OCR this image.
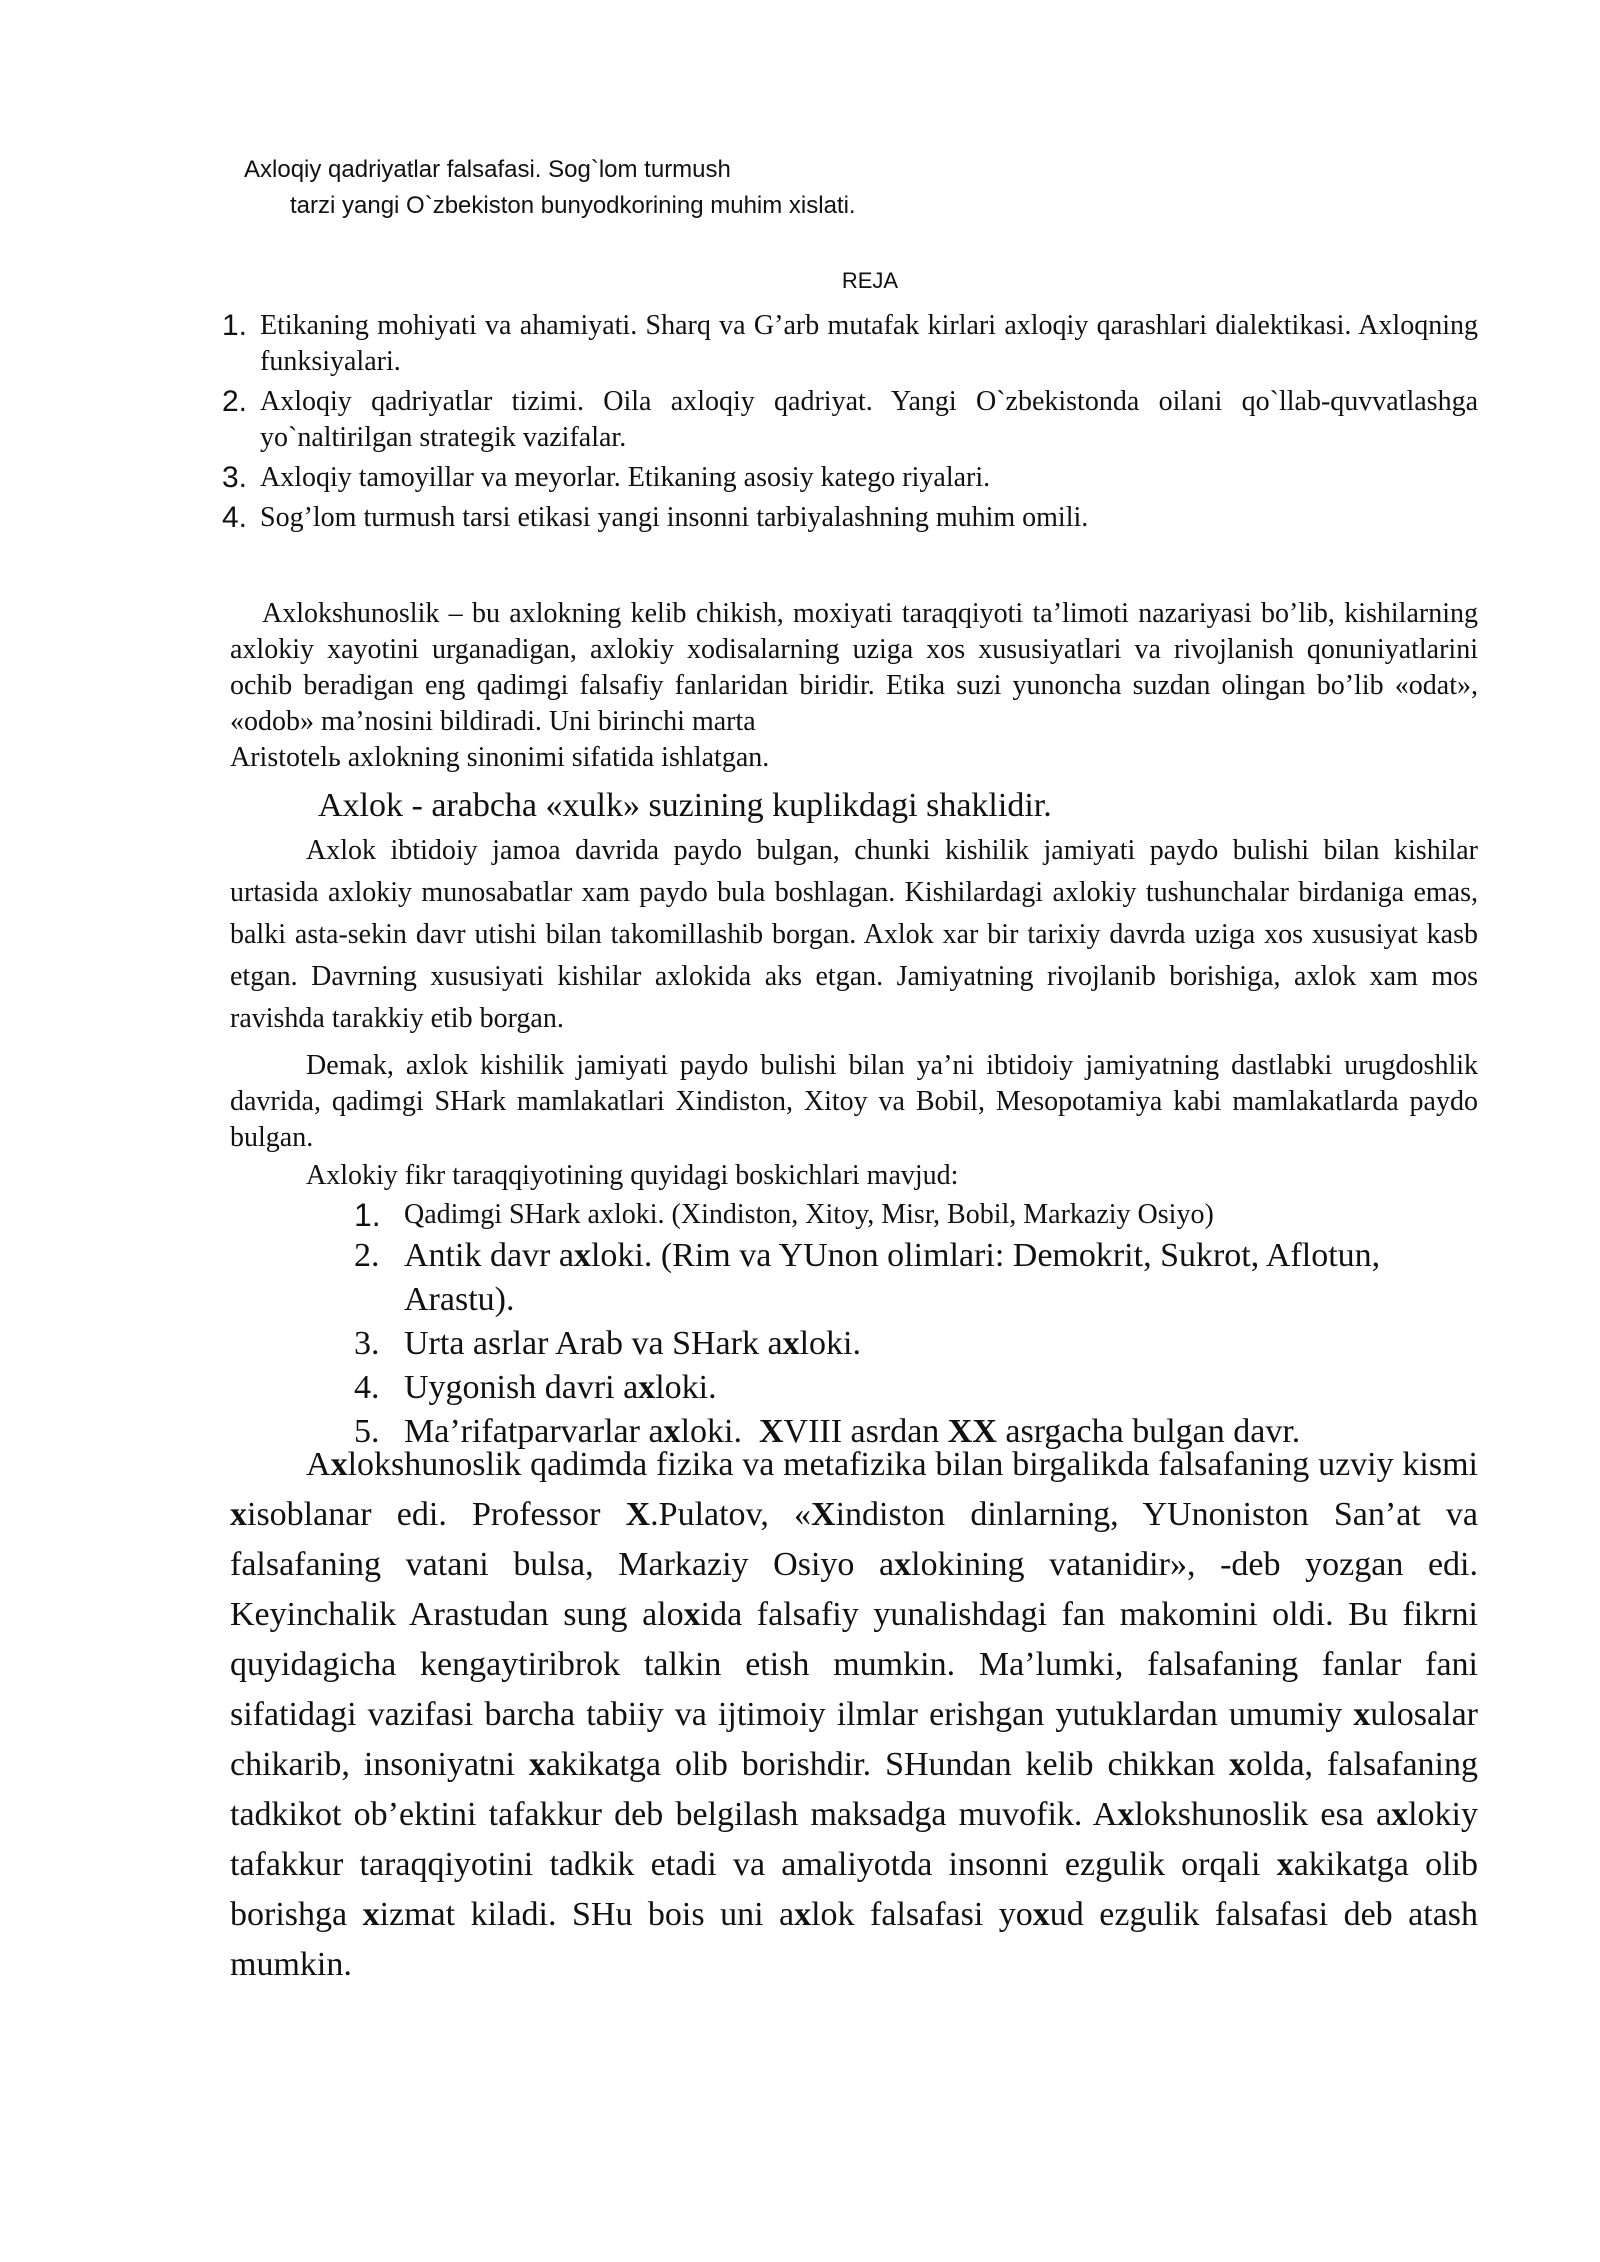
Axloqiy qadriyatlar falsafasi. Sog`lom turmush
tarzi yangi O`zbekiston bunyodkorining muhim xislati.
REJA
1. Etikaning mohiyati va ahamiyati. Sharq va G’arb mutafak kirlari axloqiy qarashlari dialektikasi. Axloqning funksiyalari.
2. Axloqiy qadriyatlar tizimi. Oila axloqiy qadriyat. Yangi O`zbekistonda oilani qo`llab-quvvatlashga yo`naltirilgan strategik vazifalar.
3. Axloqiy tamoyillar va meyorlar. Etikaning asosiy katego riyalari.
4. Sog’lom turmush tarsi etikasi yangi insonni tarbiyalashning muhim omili.
Axlokshunoslik – bu axlokning kelib chikish, moxiyati taraqqiyoti ta’limoti nazariyasi bo’lib, kishilarning axlokiy xayotini urganadigan, axlokiy xodisalarning uziga xos xususiyatlari va rivojlanish qonuniyatlarini ochib beradigan eng qadimgi falsafiy fanlaridan biridir. Etika suzi yunoncha suzdan olingan bo’lib «odat», «odob» ma’nosini bildiradi. Uni birinchi marta
Aristotelь axlokning sinonimi sifatida ishlatgan.
Axlok - arabcha «xulk» suzining kuplikdagi shaklidir.
Axlok ibtidoiy jamoa davrida paydo bulgan, chunki kishilik jamiyati paydo bulishi bilan kishilar urtasida axlokiy munosabatlar xam paydo bula boshlagan. Kishilardagi axlokiy tushunchalar birdaniga emas, balki asta-sekin davr utishi bilan takomillashib borgan. Axlok xar bir tarixiy davrda uziga xos xususiyat kasb etgan. Davrning xususiyati kishilar axlokida aks etgan. Jamiyatning rivojlanib borishiga, axlok xam mos ravishda tarakkiy etib borgan.
Demak, axlok kishilik jamiyati paydo bulishi bilan ya’ni ibtidoiy jamiyatning dastlabki urugdoshlik davrida, qadimgi SHark mamlakatlari Xindiston, Xitoy va Bobil, Mesopotamiya kabi mamlakatlarda paydo bulgan.
Axlokiy fikr taraqqiyotining quyidagi boskichlari mavjud:
1. Qadimgi SHark axloki. (Xindiston, Xitoy, Misr, Bobil, Markaziy Osiyo)
2. Antik davr axloki. (Rim va YUnon olimlari: Demokrit, Sukrot, Aflotun, Arastu).
3. Urta asrlar Arab va SHark axloki.
4. Uygonish davri axloki.
5. Ma’rifatparvarlar axloki.  XVIII asrdan XX asrgacha bulgan davr.
Axlokshunoslik qadimda fizika va metafizika bilan birgalikda falsafaning uzviy kismi xisoblanar edi. Professor X.Pulatov, «Xindiston dinlarning, YUnoniston San’at va falsafaning vatani bulsa, Markaziy Osiyo axlokining vatanidir», -deb yozgan edi. Keyinchalik Arastudan sung aloxida falsafiy yunalishdagi fan makomini oldi. Bu fikrni quyidagicha kengaytiribrok talkin etish mumkin. Ma’lumki, falsafaning fanlar fani sifatidagi vazifasi barcha tabiiy va ijtimoiy ilmlar erishgan yutuklardan umumiy xulosalar chikarib, insoniyatni xakikatga olib borishdir. SHundan kelib chikkan xolda, falsafaning tadkikot ob’ektini tafakkur deb belgilash maksadga muvofik. Axlokshunoslik esa axlokiy tafakkur taraqqiyotini tadkik etadi va amaliyotda insonni ezgulik orqali xakikatga olib borishga xizmat kiladi. SHu bois uni axlok falsafasi yoxud ezgulik falsafasi deb atash mumkin.
